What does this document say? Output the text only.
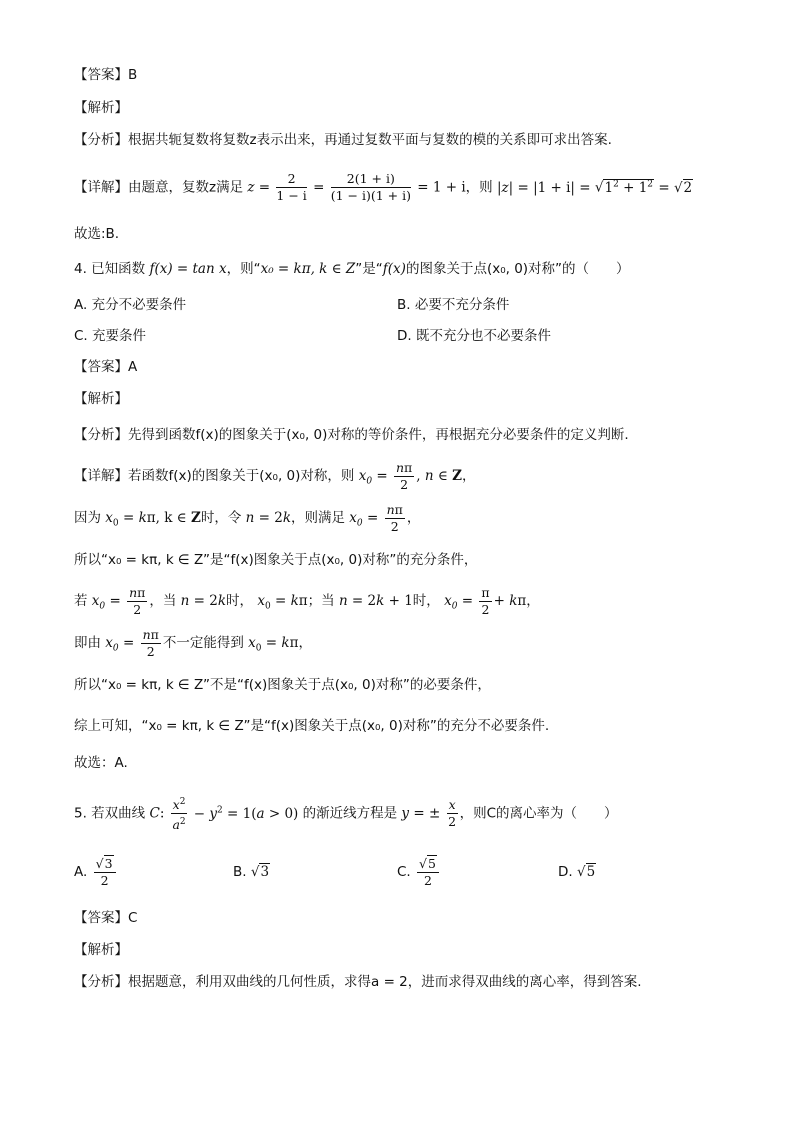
【答案】B
【解析】
【分析】根据共轭复数将复数z表示出来，再通过复数平面与复数的模的关系即可求出答案.
【详解】由题意，复数z满足 $z = \frac{2}{1 - i} = \frac{2(1 + i)}{(1 - i)(1 + i)} = 1 + i$，则 $|z| = |1 + i| = √1^2 + 1^2 = √2$
故选:B.
4. 已知函数 f(x) = tan x，则“x₀ = kπ, k ∈ Z”是“f(x)的图象关于点(x₀, 0)对称”的（　　）
A. 充分不必要条件	B. 必要不充分条件
C. 充要条件	D. 既不充分也不必要条件
【答案】A
【解析】
【分析】先得到函数f(x)的图象关于(x₀, 0)对称的等价条件，再根据充分必要条件的定义判断.
【详解】若函数f(x)的图象关于(x₀, 0)对称，则 $x_0 = \frac{n\pi}{2}$ , n ∈ Z，
因为 $x_0 = k\pi$, k ∈ Z时，令 n = 2k，则满足 $x_0 = \frac{n\pi}{2}$ ，
所以“x₀ = kπ, k ∈ Z”是“f(x)图象关于点(x₀, 0)对称”的充分条件，
若 $x_0 = \frac{n\pi}{2}$ ，当 n = 2k时， $x_0 = k\pi$；当 n = 2k + 1时， $x_0 = \frac{\pi}{2} + k\pi$，
即由 $x_0 = \frac{n\pi}{2}$ 不一定能得到 $x_0 = k\pi$，
所以“x₀ = kπ, k ∈ Z”不是“f(x)图象关于点(x₀, 0)对称”的必要条件，
综上可知，“x₀ = kπ, k ∈ Z”是“f(x)图象关于点(x₀, 0)对称”的充分不必要条件.
故选：A.
5. 若双曲线 C: $\frac{x^2}{a^2} - y^2 = 1(a > 0)$ 的渐近线方程是 y = ± $\frac{x}{2}$ ，则C的离心率为（　　）
A. $\frac{√3}{2}$	B. √3	C. $\frac{√5}{2}$	D. √5
【答案】C
【解析】
【分析】根据题意，利用双曲线的几何性质，求得a = 2，进而求得双曲线的离心率，得到答案.
